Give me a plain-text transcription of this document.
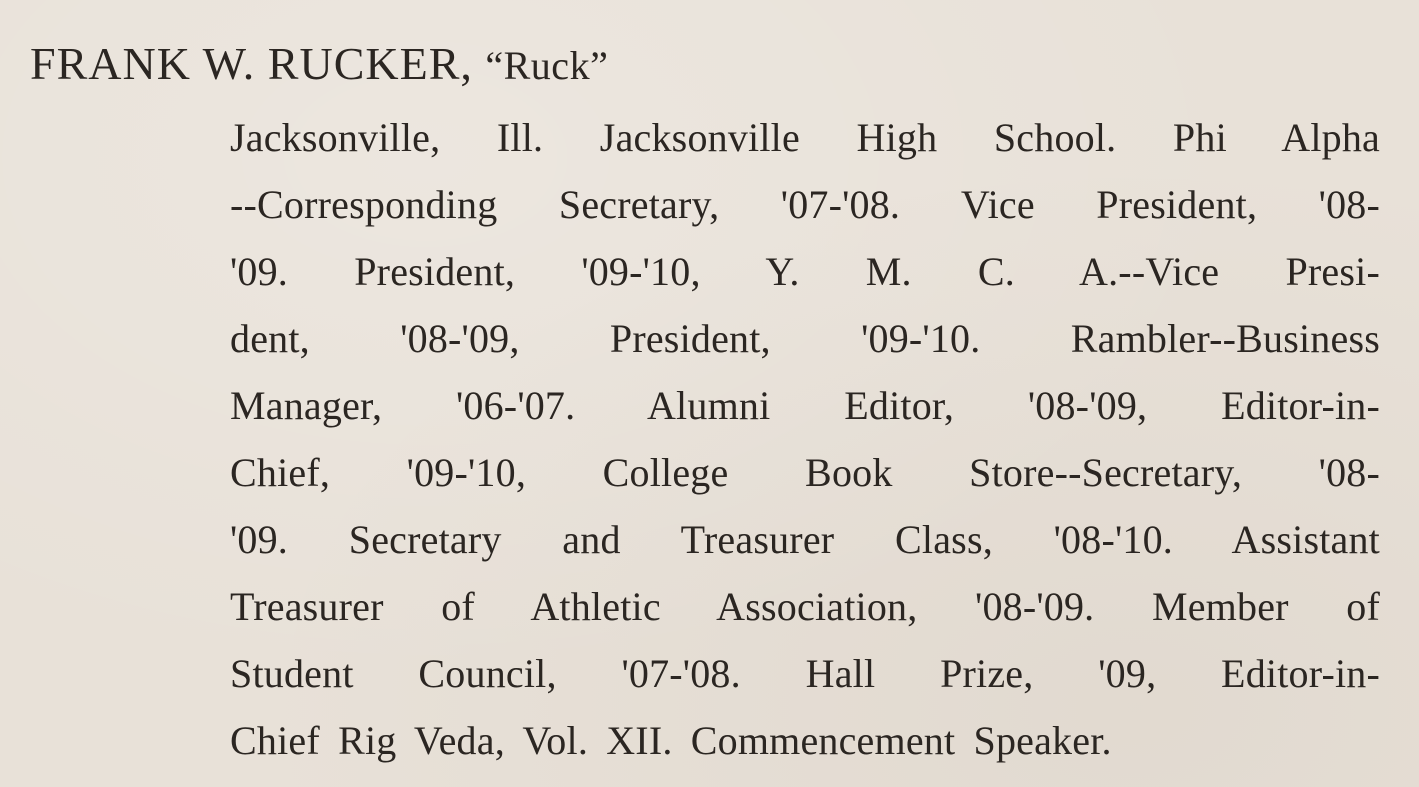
FRANK W. RUCKER, “Ruck”
Jacksonville, Ill. Jacksonville High School. Phi Alpha
--Corresponding Secretary, '07-'08. Vice President, '08-
'09. President, '09-'10, Y. M. C. A.--Vice Presi-
dent, '08-'09, President, '09-'10. Rambler--Business
Manager, '06-'07. Alumni Editor, '08-'09, Editor-in-
Chief, '09-'10, College Book Store--Secretary, '08-
'09. Secretary and Treasurer Class, '08-'10. Assistant
Treasurer of Athletic Association, '08-'09. Member of
Student Council, '07-'08. Hall Prize, '09, Editor-in-
Chief Rig Veda, Vol. XII. Commencement Speaker.
